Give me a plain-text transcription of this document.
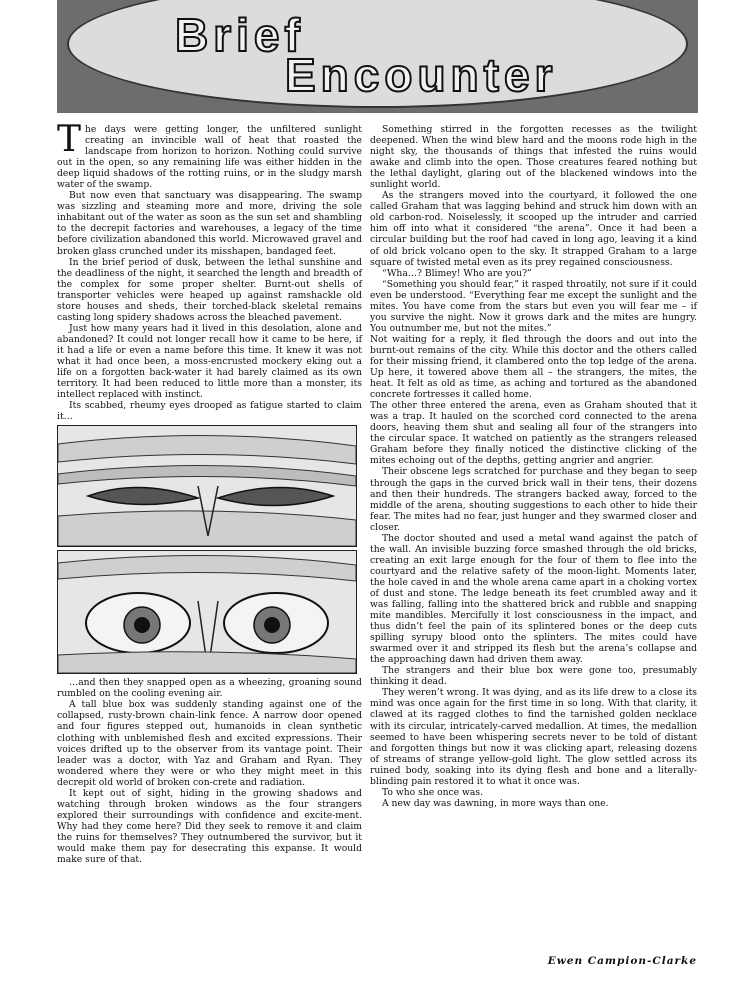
Brief
Encounter

The days were getting longer, the unfiltered sunlight creating an invincible wall of heat that roasted the landscape from horizon to horizon. Nothing could survive out in the open, so any remaining life was either hidden in the deep liquid shadows of the rotting ruins, or in the sludgy marsh water of the swamp.

But now even that sanctuary was disappearing. The swamp was sizzling and steaming more and more, driving the sole inhabitant out of the water as soon as the sun set and shambling to the decrepit factories and warehouses, a legacy of the time before civilization abandoned this world. Microwaved gravel and broken glass crunched under its misshapen, bandaged feet.

In the brief period of dusk, between the lethal sunshine and the deadliness of the night, it searched the length and breadth of the complex for some proper shelter. Burnt-out shells of transporter vehicles were heaped up against ramshackle old store houses and sheds, their torched-black skeletal remains casting long spidery shadows across the bleached pavement.

Just how many years had it lived in this desolation, alone and abandoned? It could not longer recall how it came to be here, if it had a life or even a name before this time. It knew it was not what it had once been, a moss-encrusted mockery eking out a life on a forgotten back-water it had barely claimed as its own territory. It had been reduced to little more than a monster, its intellect replaced with instinct.

Its scabbed, rheumy eyes drooped as fatigue started to claim it…

…and then they snapped open as a wheezing, groaning sound rumbled on the cooling evening air.

A tall blue box was suddenly standing against one of the collapsed, rusty-brown chain-link fence. A narrow door opened and four figures stepped out, humanoids in clean synthetic clothing with unblemished flesh and excited expressions. Their voices drifted up to the observer from its vantage point. Their leader was a doctor, with Yaz and Graham and Ryan. They wondered where they were or who they might meet in this decrepit old world of broken con-crete and radiation.

It kept out of sight, hiding in the growing shadows and watching through broken windows as the four strangers explored their surroundings with confidence and excite-ment. Why had they come here? Did they seek to remove it and claim the ruins for themselves? They outnumbered the survivor, but it would make them pay for desecrating this expanse. It would make sure of that.

Something stirred in the forgotten recesses as the twilight deepened. When the wind blew hard and the moons rode high in the night sky, the thousands of things that infested the ruins would awake and climb into the open. Those creatures feared nothing but the lethal daylight, glaring out of the blackened windows into the sunlight world.

As the strangers moved into the courtyard, it followed the one called Graham that was lagging behind and struck him down with an old carbon-rod. Noiselessly, it scooped up the intruder and carried him off into what it considered “the arena”. Once it had been a circular building but the roof had caved in long ago, leaving it a kind of old brick volcano open to the sky. It strapped Graham to a large square of twisted metal even as its prey regained consciousness.

“Wha…? Blimey! Who are you?”

“Something you should fear,” it rasped throatily, not sure if it could even be understood. “Everything fear me except the sunlight and the mites. You have come from the stars but even you will fear me – if you survive the night. Now it grows dark and the mites are hungry. You outnumber me, but not the mites.”

Not waiting for a reply, it fled through the doors and out into the burnt-out remains of the city. While this doctor and the others called for their missing friend, it clambered onto the top ledge of the arena. Up here, it towered above them all – the strangers, the mites, the heat. It felt as old as time, as aching and tortured as the abandoned concrete fortresses it called home.

The other three entered the arena, even as Graham shouted that it was a trap. It hauled on the scorched cord connected to the arena doors, heaving them shut and sealing all four of the strangers into the circular space. It watched on patiently as the strangers released Graham before they finally noticed the distinctive clicking of the mites echoing out of the depths, getting angrier and angrier.

Their obscene legs scratched for purchase and they began to seep through the gaps in the curved brick wall in their tens, their dozens and then their hundreds. The strangers backed away, forced to the middle of the arena, shouting suggestions to each other to hide their fear. The mites had no fear, just hunger and they swarmed closer and closer.

The doctor shouted and used a metal wand against the patch of the wall. An invisible buzzing force smashed through the old bricks, creating an exit large enough for the four of them to flee into the courtyard and the relative safety of the moon-light. Moments later, the hole caved in and the whole arena came apart in a choking vortex of dust and stone. The ledge beneath its feet crumbled away and it was falling, falling into the shattered brick and rubble and snapping mite mandibles. Mercifully it lost consciousness in the impact, and thus didn’t feel the pain of its splintered bones or the deep cuts spilling syrupy blood onto the splinters. The mites could have swarmed over it and stripped its flesh but the arena’s collapse and the approaching dawn had driven them away.

The strangers and their blue box were gone too, presumably thinking it dead.

They weren’t wrong. It was dying, and as its life drew to a close its mind was once again for the first time in so long. With that clarity, it clawed at its ragged clothes to find the tarnished golden necklace with its circular, intricately-carved medallion. At times, the medallion seemed to have been whispering secrets never to be told of distant and forgotten things but now it was clicking apart, releasing dozens of streams of strange yellow-gold light. The glow settled across its ruined body, soaking into its dying flesh and bone and a literally-blinding pain restored it to what it once was.

To who she once was.

A new day was dawning, in more ways than one.

Ewen Campion-Clarke
